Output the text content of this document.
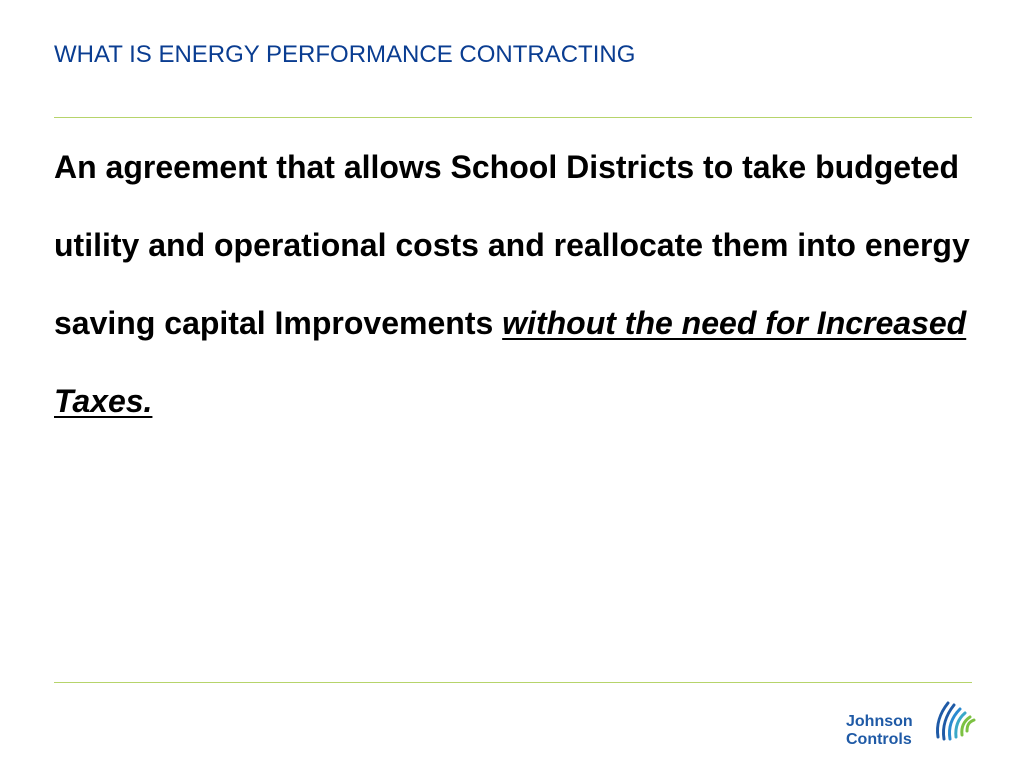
WHAT IS ENERGY PERFORMANCE CONTRACTING
An agreement that allows School Districts to take budgeted utility and operational costs and reallocate them into energy saving capital Improvements without the need for Increased Taxes.
Johnson
Controls
